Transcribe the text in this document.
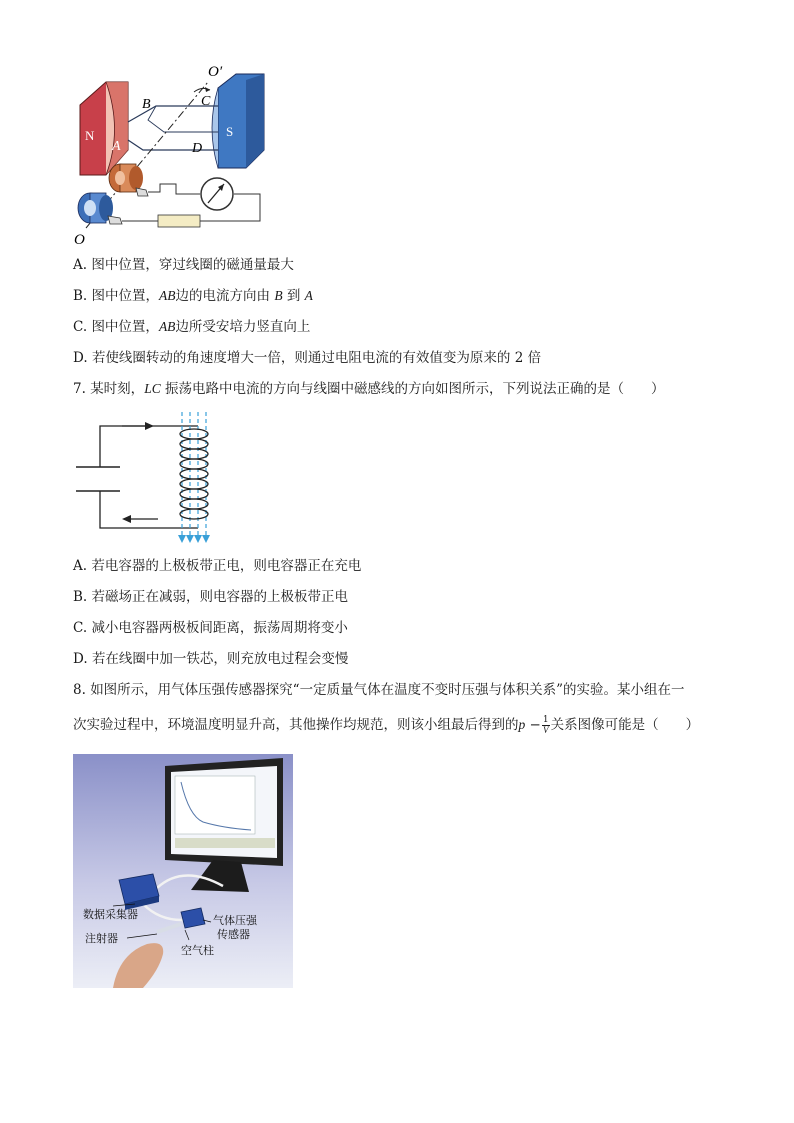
N	S
O′
B	C
A	D
O
A. 图中位置，穿过线圈的磁通量最大
B. 图中位置，AB边的电流方向由 B 到 A
C. 图中位置，AB边所受安培力竖直向上
D. 若使线圈转动的角速度增大一倍，则通过电阻电流的有效值变为原来的 2 倍
7. 某时刻，LC 振荡电路中电流的方向与线圈中磁感线的方向如图所示，下列说法正确的是（　　）
A. 若电容器的上极板带正电，则电容器正在充电
B. 若磁场正在减弱，则电容器的上极板带正电
C. 减小电容器两极板间距离，振荡周期将变小
D. 若在线圈中加一铁芯，则充放电过程会变慢
8. 如图所示，用气体压强传感器探究“一定质量气体在温度不变时压强与体积关系”的实验。某小组在一
次实验过程中，环境温度明显升高，其他操作均规范，则该小组最后得到的$p - \frac{1}{V}$ 关系图像可能是（　　）
数据采集器	气体压强
传感器
注射器
空气柱
